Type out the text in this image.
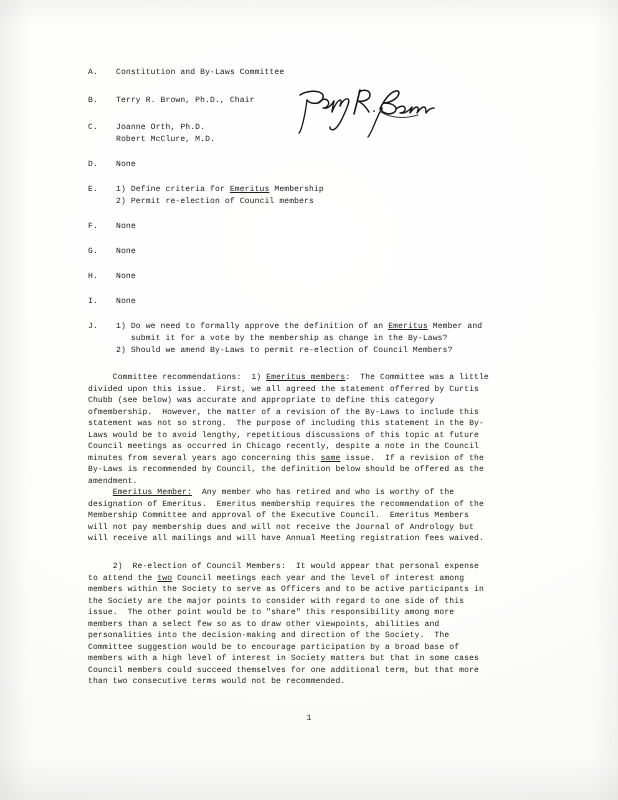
A.	Constitution and By-Laws Committee
B.	Terry R. Brown, Ph.D., Chair
C.	Joanne Orth, Ph.D.
Robert McClure, M.D.
D.	None
E.	1) Define criteria for Emeritus Membership
2) Permit re-election of Council members
F.	None
G.	None
H.	None
I.	None
J.	1) Do we need to formally approve the definition of an Emeritus Member and
submit it for a vote by the membership as change in the By-Laws?
2) Should we amend By-Laws to permit re-election of Council Members?
Committee recommendations:  1) Emeritus members:  The Committee was a little
divided upon this issue.  First, we all agreed the statement offerred by Curtis
Chubb (see below) was accurate and appropriate to define this category
ofmembership.  However, the matter of a revision of the By-Laws to include this
statement was not so strong.  The purpose of including this statement in the By-
Laws would be to avoid lengthy, repetitious discussions of this topic at future
Council meetings as occurred in Chicago recently, despite a note in the Council
minutes from several years ago concerning this same issue.  If a revision of the
By-Laws is recommended by Council, the definition below should be offered as the
amendment.
Emeritus Member:  Any member who has retired and who is worthy of the
designation of Emeritus.  Emeritus membership requires the recommendation of the
Membership Committee and approval of the Executive Council.  Emeritus Members
will not pay membership dues and will not receive the Journal of Andrology but
will receive all mailings and will have Annual Meeting registration fees waived.
2)  Re-election of Council Members:  It would appear that personal expense
to attend the two Council meetings each year and the level of interest among
members within the Society to serve as Officers and to be active participants in
the Society are the major points to consider with regard to one side of this
issue.  The other point would be to "share" this responsibility among more
members than a select few so as to draw other viewpoints, abilities and
personalities into the decision-making and direction of the Society.  The
Committee suggestion would be to encourage participation by a broad base of
members with a high level of interest in Society matters but that in some cases
Council members could succeed themselves for one additional term, but that more
than two consecutive terms would not be recommended.
1
